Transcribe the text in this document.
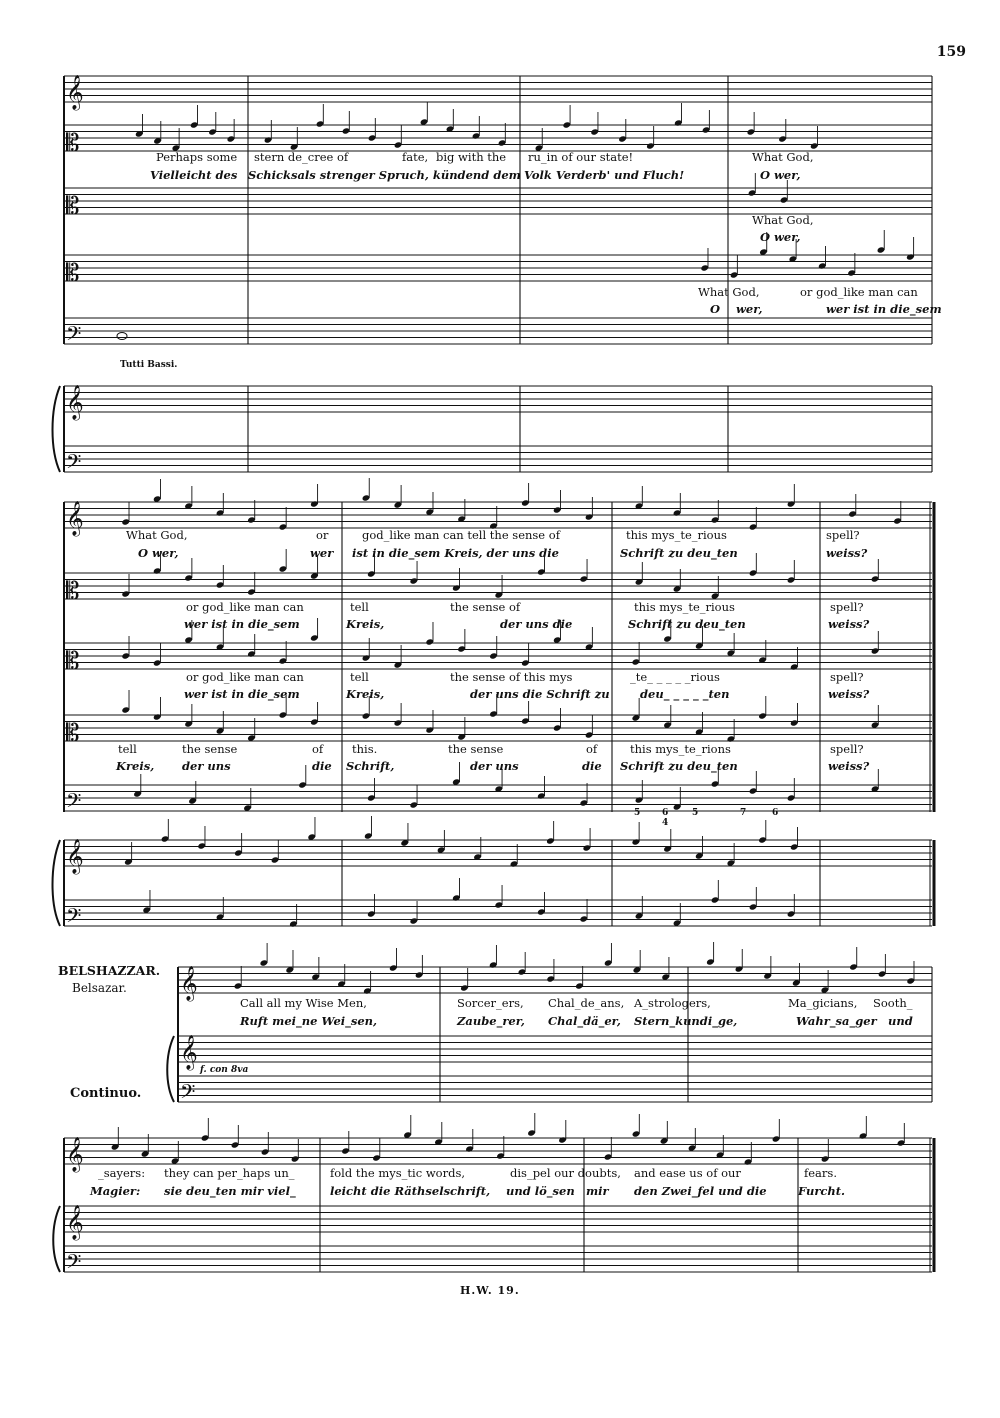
𝄞
𝄡
𝄡
𝄡
𝄢
𝄞
𝄢
𝄞
𝄡
𝄡
𝄡
𝄢
𝄞
𝄢
𝄞
𝄞
𝄢
𝄞
𝄞
𝄢
159
Perhaps some stern de_cree of	fate, big with the ru_in of our state!	What God,
Vielleicht des Schicksals strenger Spruch, kündend dem Volk Verderb' und Fluch!	O wer,
What God,
O wer,
What God,	or god_like man can
O wer,	wer ist in die_sem
Tutti Bassi.
What God,	or	god_like man can tell the sense of	this mys_te_rious	spell?
O wer,	wer ist in die_sem Kreis, der uns die	Schrift zu deu_ten	weiss?
or god_like man can	tell	the sense of	this mys_te_rious	spell?
wer ist in die_sem	Kreis,	der uns die	Schrift zu deu_ten	weiss?
or god_like man can	tell	the sense of this mys	_te_ _ _ _ _rious	spell?
wer ist in die_sem	Kreis,	der uns die Schrift zu	deu_ _ _ _ _ten	weiss?
tell	the sense	of	this.	the sense	of	this mys_te_rions	spell?
Kreis, der uns	die Schrift,	der uns	die Schrift zu deu_ten	weiss?
5 6	5	7	6
4
BELSHAZZAR.
Belsazar.
Continuo.
f. con 8va
Call all my Wise Men,	Sorcer_ers, Chal_de_ans, A_strologers,	Ma_gicians, Sooth_
Ruft mei_ne Wei_sen,	Zaube_rer, Chal_dä_er, Stern_kundi_ge,	Wahr_sa_ger und
_sayers: they can per_haps un_	fold the mys_tic words,	dis_pel our doubts, and ease us of our	fears.
Magier: sie deu_ten mir viel_	leicht die Räthselschrift, und lö_sen mir den Zwei_fel und die	Furcht.
H.W. 19.
